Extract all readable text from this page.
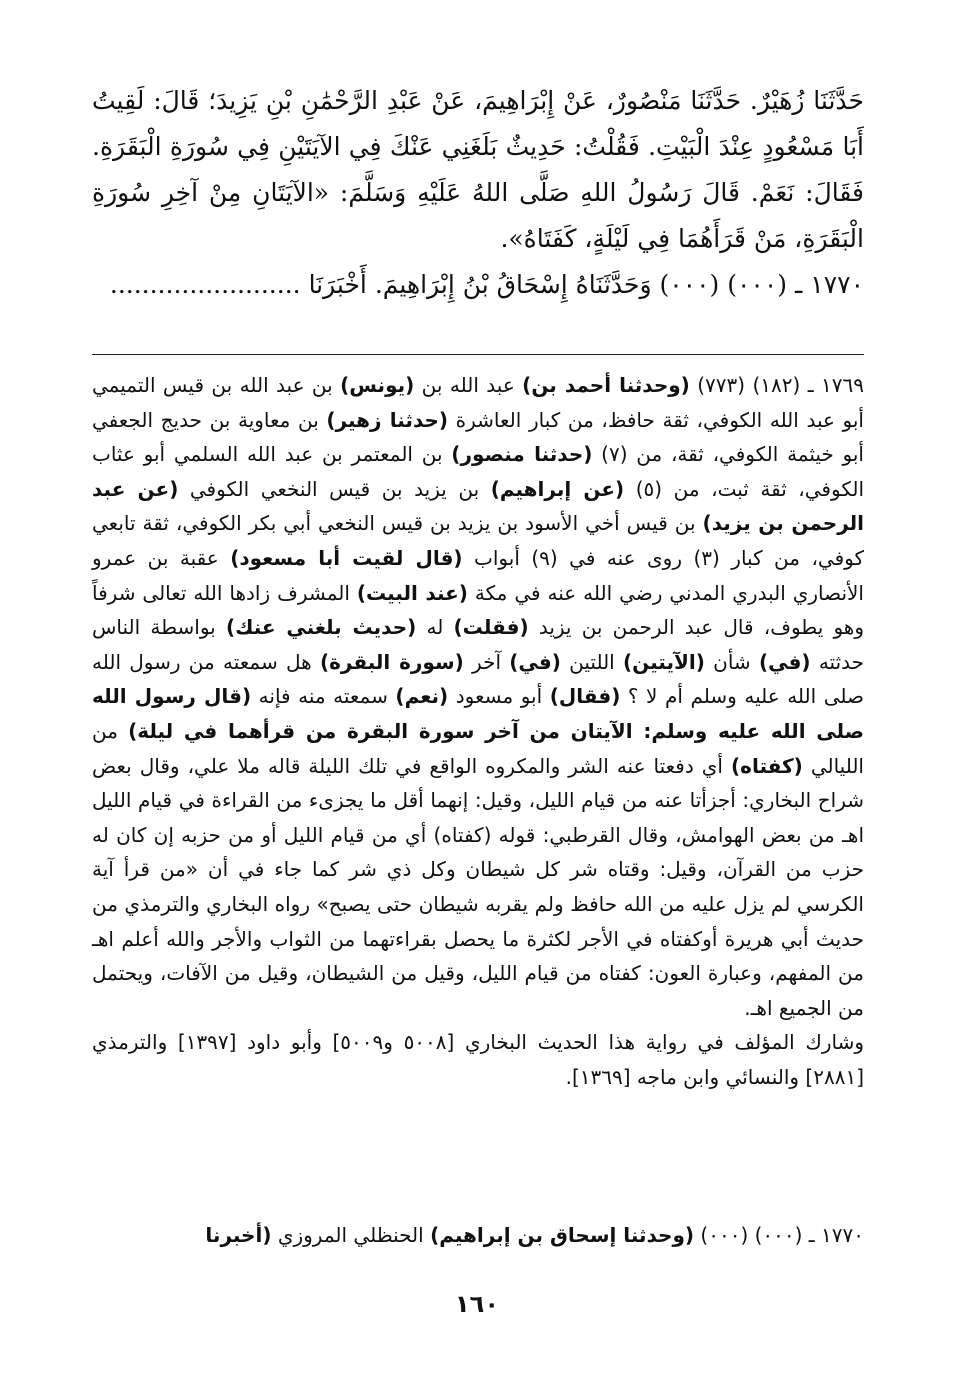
حَدَّثَنَا زُهَيْرٌ. حَدَّثَنَا مَنْصُورٌ، عَنْ إِبْرَاهِيمَ، عَنْ عَبْدِ الرَّحْمَٰنِ بْنِ يَزِيدَ؛ قَالَ: لَقِيتُ أَبَا مَسْعُودٍ عِنْدَ الْبَيْتِ. فَقُلْتُ: حَدِيثٌ بَلَغَنِي عَنْكَ فِي الآيَتَيْنِ فِي سُورَةِ الْبَقَرَةِ. فَقَالَ: نَعَمْ. قَالَ رَسُولُ اللهِ صَلَّى اللهُ عَلَيْهِ وَسَلَّمَ: «الآيَتَانِ مِنْ آخِرِ سُورَةِ الْبَقَرَةِ، مَنْ قَرَأَهُمَا فِي لَيْلَةٍ، كَفَتَاهُ».

١٧٧٠ ـ (٠٠٠) (٠٠٠) وَحَدَّثَنَاهُ إِسْحَاقُ بْنُ إِبْرَاهِيمَ. أَخْبَرَنَا ........................

١٧٦٩ ـ (١٨٢) (٧٧٣) (وحدثنا أحمد بن) عبد الله بن (يونس) بن عبد الله بن قيس التميمي أبو عبد الله الكوفي، ثقة حافظ، من كبار العاشرة (حدثنا زهير) بن معاوية بن حديج الجعفي أبو خيثمة الكوفي، ثقة، من (٧) (حدثنا منصور) بن المعتمر بن عبد الله السلمي أبو عثاب الكوفي، ثقة ثبت، من (٥) (عن إبراهيم) بن يزيد بن قيس النخعي الكوفي (عن عبد الرحمن بن يزيد) بن قيس أخي الأسود بن يزيد بن قيس النخعي أبي بكر الكوفي، ثقة تابعي كوفي، من كبار (٣) روى عنه في (٩) أبواب (قال لقيت أبا مسعود) عقبة بن عمرو الأنصاري البدري المدني رضي الله عنه في مكة (عند البيت) المشرف زادها الله تعالى شرفاً وهو يطوف، قال عبد الرحمن بن يزيد (فقلت) له (حديث بلغني عنك) بواسطة الناس حدثته (في) شأن (الآيتين) اللتين (في) آخر (سورة البقرة) هل سمعته من رسول الله صلى الله عليه وسلم أم لا ؟ (فقال) أبو مسعود (نعم) سمعته منه فإنه (قال رسول الله صلى الله عليه وسلم: الآيتان من آخر سورة البقرة من قرأهما في ليلة) من الليالي (كفتاه) أي دفعتا عنه الشر والمكروه الواقع في تلك الليلة قاله ملا علي، وقال بعض شراح البخاري: أجزأتا عنه من قيام الليل، وقيل: إنهما أقل ما يجزىء من القراءة في قيام الليل اهـ من بعض الهوامش، وقال القرطبي: قوله (كفتاه) أي من قيام الليل أو من حزبه إن كان له حزب من القرآن، وقيل: وقتاه شر كل شيطان وكل ذي شر كما جاء في أن «من قرأ آية الكرسي لم يزل عليه من الله حافظ ولم يقربه شيطان حتى يصبح» رواه البخاري والترمذي من حديث أبي هريرة أوكفتاه في الأجر لكثرة ما يحصل بقراءتهما من الثواب والأجر والله أعلم اهـ من المفهم، وعبارة العون: كفتاه من قيام الليل، وقيل من الشيطان، وقيل من الآفات، ويحتمل من الجميع اهـ.

وشارك المؤلف في رواية هذا الحديث البخاري [٥٠٠٨ و٥٠٠٩] وأبو داود [١٣٩٧] والترمذي [٢٨٨١] والنسائي وابن ماجه [١٣٦٩].

١٧٧٠ ـ (٠٠٠) (٠٠٠) (وحدثنا إسحاق بن إبراهيم) الحنظلي المروزي (أخبرنا
١٦٠
